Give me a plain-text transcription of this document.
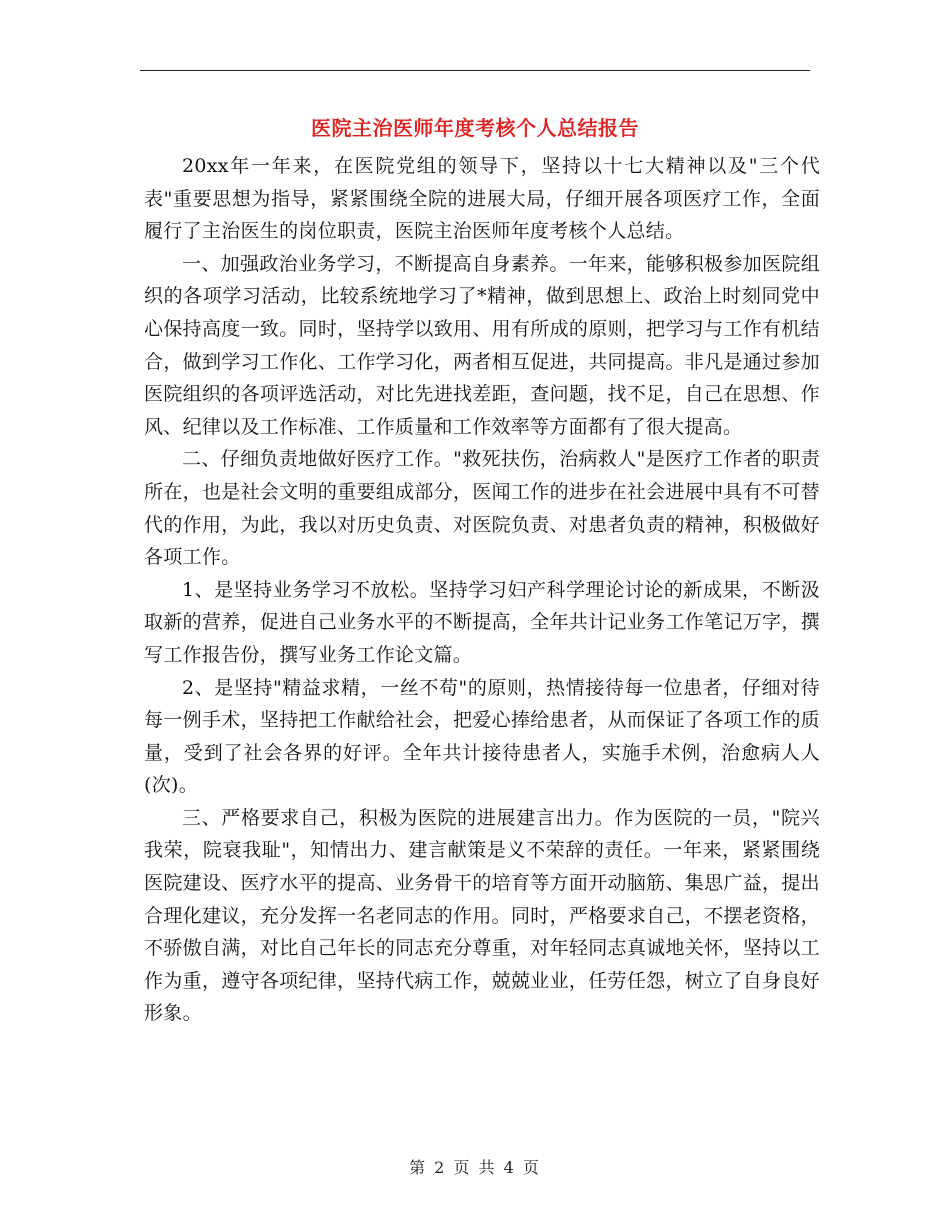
医院主治医师年度考核个人总结报告

20xx年一年来，在医院党组的领导下，坚持以十七大精神以及"三个代表"重要思想为指导，紧紧围绕全院的进展大局，仔细开展各项医疗工作，全面履行了主治医生的岗位职责，医院主治医师年度考核个人总结。

一、加强政治业务学习，不断提高自身素养。一年来，能够积极参加医院组织的各项学习活动，比较系统地学习了*精神，做到思想上、政治上时刻同党中心保持高度一致。同时，坚持学以致用、用有所成的原则，把学习与工作有机结合，做到学习工作化、工作学习化，两者相互促进，共同提高。非凡是通过参加医院组织的各项评选活动，对比先进找差距，查问题，找不足，自己在思想、作风、纪律以及工作标准、工作质量和工作效率等方面都有了很大提高。

二、仔细负责地做好医疗工作。"救死扶伤，治病救人"是医疗工作者的职责所在，也是社会文明的重要组成部分，医闻工作的进步在社会进展中具有不可替代的作用，为此，我以对历史负责、对医院负责、对患者负责的精神，积极做好各项工作。

1、是坚持业务学习不放松。坚持学习妇产科学理论讨论的新成果，不断汲取新的营养，促进自己业务水平的不断提高，全年共计记业务工作笔记万字，撰写工作报告份，撰写业务工作论文篇。

2、是坚持"精益求精，一丝不苟"的原则，热情接待每一位患者，仔细对待每一例手术，坚持把工作献给社会，把爱心捧给患者，从而保证了各项工作的质量，受到了社会各界的好评。全年共计接待患者人，实施手术例，治愈病人人(次)。

三、严格要求自己，积极为医院的进展建言出力。作为医院的一员，"院兴我荣，院衰我耻"，知情出力、建言献策是义不荣辞的责任。一年来，紧紧围绕医院建设、医疗水平的提高、业务骨干的培育等方面开动脑筋、集思广益，提出合理化建议，充分发挥一名老同志的作用。同时，严格要求自己，不摆老资格，不骄傲自满，对比自己年长的同志充分尊重，对年轻同志真诚地关怀，坚持以工作为重，遵守各项纪律，坚持代病工作，兢兢业业，任劳任怨，树立了自身良好形象。

第 2 页 共 4 页
